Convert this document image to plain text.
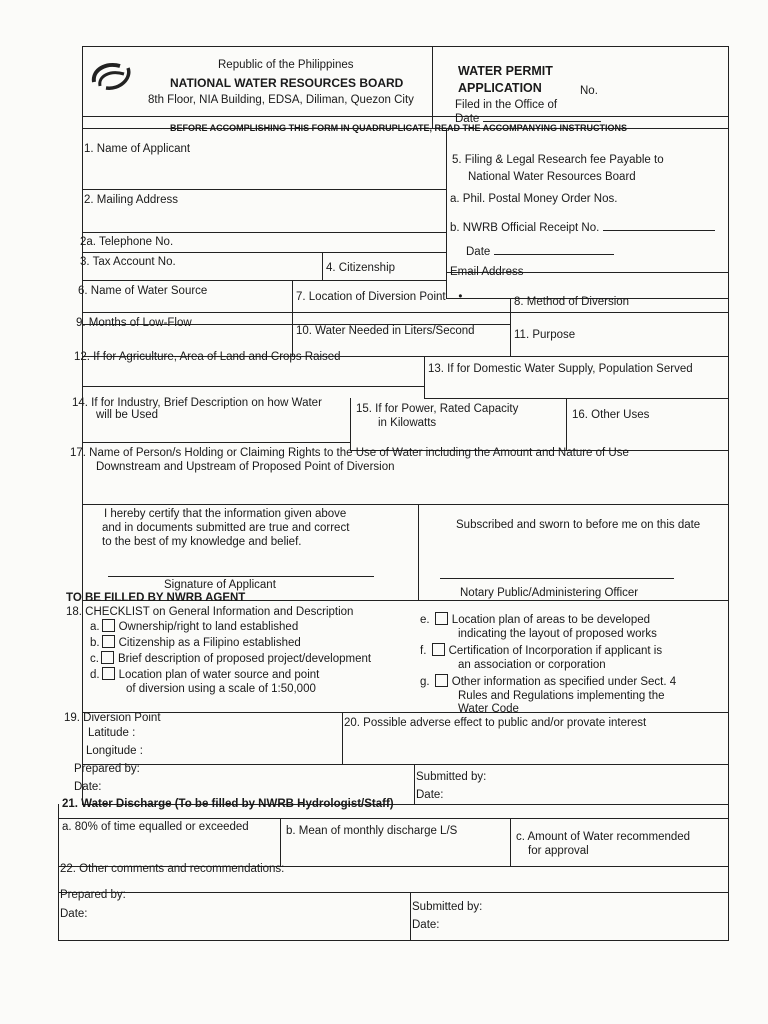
Republic of the Philippines
NATIONAL WATER RESOURCES BOARD
8th Floor, NIA Building, EDSA, Diliman, Quezon City
WATER PERMIT
APPLICATION	No.
Filed in the Office of
Date
BEFORE ACCOMPLISHING THIS FORM IN QUADRUPLICATE, READ THE ACCOMPANYING INSTRUCTIONS
1. Name of Applicant
2. Mailing Address
2a. Telephone No.
3. Tax Account No.	4. Citizenship	Email Address
5. Filing & Legal Research fee Payable to
National Water Resources Board
a. Phil. Postal Money Order Nos.
b. NWRB Official Receipt No.
Date
6. Name of Water Source	7. Location of Diversion Point    •	8. Method of Diversion
9. Months of Low-Flow
10. Water Needed in Liters/Second	11. Purpose
12. If for Agriculture, Area of Land and Crops Raised
13. If for Domestic Water Supply, Population Served
14. If for Industry, Brief Description on how Water
will be Used	15. If for Power, Rated Capacity
in Kilowatts
16. Other Uses
17. Name of Person/s Holding or Claiming Rights to the Use of Water including the Amount and Nature of Use
Downstream and Upstream of Proposed Point of Diversion
I hereby certify that the information given above
and in documents submitted are true and correct
to the best of my knowledge and belief.
Signature of Applicant
Subscribed and sworn to before me on this date
Notary Public/Administering Officer
TO BE FILLED BY NWRB AGENT
18. CHECKLIST on General Information and Description
a. Ownership/right to land established
b. Citizenship as a Filipino established
c. Brief description of proposed project/development
d. Location plan of water source and point
of diversion using a scale of 1:50,000
e. Location plan of areas to be developed
indicating the layout of proposed works
f. Certification of Incorporation if applicant is
an association or corporation
g. Other information as specified under Sect. 4
Rules and Regulations implementing the
Water Code
19. Diversion Point
Latitude :
Longitude :
20. Possible adverse effect to public and/or provate interest
Prepared by:
Date:
Submitted by:
Date:
21. Water Discharge (To be filled by NWRB Hydrologist/Staff)
a. 80% of time equalled or exceeded	b. Mean of monthly discharge L/S	c. Amount of Water recommended
for approval
22. Other comments and recommendations:
Prepared by:
Date:
Submitted by:
Date:
